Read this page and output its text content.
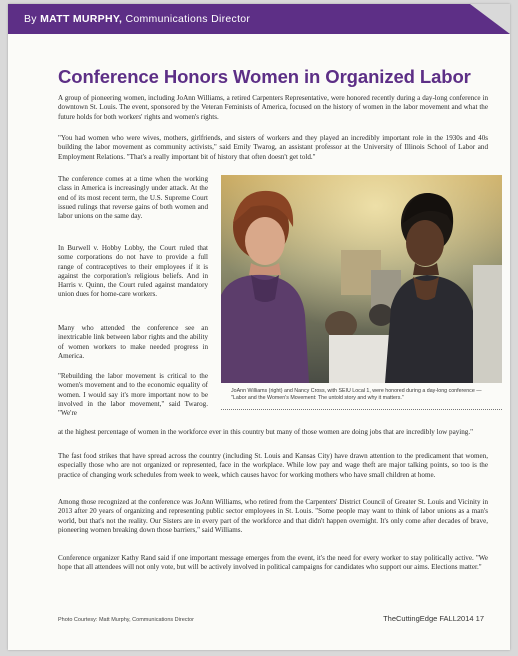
By MATT MURPHY, Communications Director
Conference Honors Women in Organized Labor

A group of pioneering women, including JoAnn Williams, a retired Carpenters Representative, were honored recently during a day-long conference in downtown St. Louis. The event, sponsored by the Veteran Feminists of America, focused on the history of women in the labor movement and what the future holds for both workers' rights and women's rights.

"You had women who were wives, mothers, girlfriends, and sisters of workers and they played an incredibly important role in the 1930s and 40s building the labor movement as community activists," said Emily Twarog, an assistant professor at the University of Illinois School of Labor and Employment Relations. "That's a really important bit of history that often doesn't get told."

The conference comes at a time when the working class in America is increasingly under attack. At the end of its most recent term, the U.S. Supreme Court issued rulings that reverse gains of both women and labor unions on the same day.

In Burwell v. Hobby Lobby, the Court ruled that some corporations do not have to provide a full range of contraceptives to their employees if it is against the corporation's religious beliefs. And in Harris v. Quinn, the Court ruled against mandatory union dues for home-care workers.

Many who attended the conference see an inextricable link between labor rights and the ability of women workers to make needed progress in America.

"Rebuilding the labor movement is critical to the women's movement and to the economic equality of women. I would say it's more important now to be involved in the labor movement," said Twarog. "We're

at the highest percentage of women in the workforce ever in this country but many of those women are doing jobs that are incredibly low paying."

The fast food strikes that have spread across the country (including St. Louis and Kansas City) have drawn attention to the predicament that women, especially those who are not organized or represented, face in the workplace. While low pay and wage theft are major talking points, so too is the practice of changing work schedules from week to week, which causes havoc for working mothers who have small children at home.

Among those recognized at the conference was JoAnn Williams, who retired from the Carpenters' District Council of Greater St. Louis and Vicinity in 2013 after 20 years of organizing and representing public sector employees in St. Louis. "Some people may want to think of labor unions as a man's world, but that's not the reality. Our Sisters are in every part of the workforce and that didn't happen overnight. It's only come after decades of brave, pioneering women breaking down those barriers," said Williams.

Conference organizer Kathy Rand said if one important message emerges from the event, it's the need for every worker to stay politically active. "We hope that all attendees will not only vote, but will be actively involved in political campaigns for candidates who support our aims. Elections matter."

JoAnn Williams (right) and Nancy Cross, with SEIU Local 1, were honored during a day-long conference — "Labor and the Women's Movement: The untold story and why it matters."
Photo Courtesy: Matt Murphy, Communications Director	TheCuttingEdge FALL2014 17
